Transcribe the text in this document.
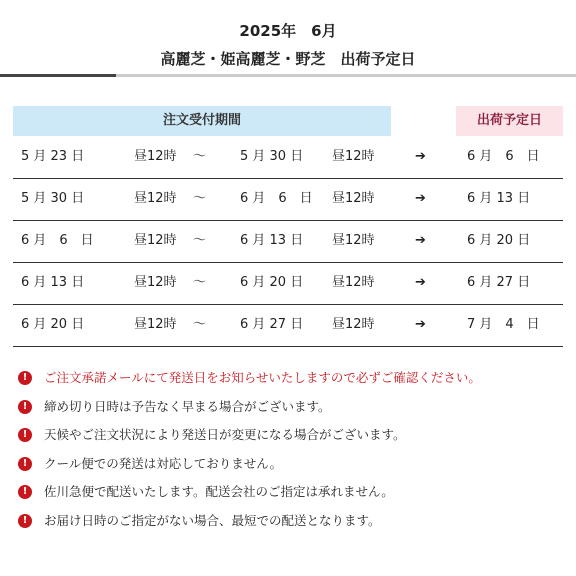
2025年　6月
高麗芝・姫高麗芝・野芝　出荷予定日
注文受付期間	出荷予定日
5 月 23 日	昼12時 〜	5 月 30 日 昼12時	➔	6 月　6　日
5 月 30 日	昼12時 〜	6 月　6　日 昼12時	➔	6 月 13 日
6 月　6　日	昼12時 〜	6 月 13 日 昼12時	➔	6 月 20 日
6 月 13 日	昼12時 〜	6 月 20 日 昼12時	➔	6 月 27 日
6 月 20 日	昼12時 〜	6 月 27 日 昼12時	➔	7 月　4　日
!	ご注文承諾メールにて発送日をお知らせいたしますので必ずご確認ください。
!	締め切り日時は予告なく早まる場合がございます。
!	天候やご注文状況により発送日が変更になる場合がございます。
!	クール便での発送は対応しておりません。
!	佐川急便で配送いたします。配送会社のご指定は承れません。
!	お届け日時のご指定がない場合、最短での配送となります。
